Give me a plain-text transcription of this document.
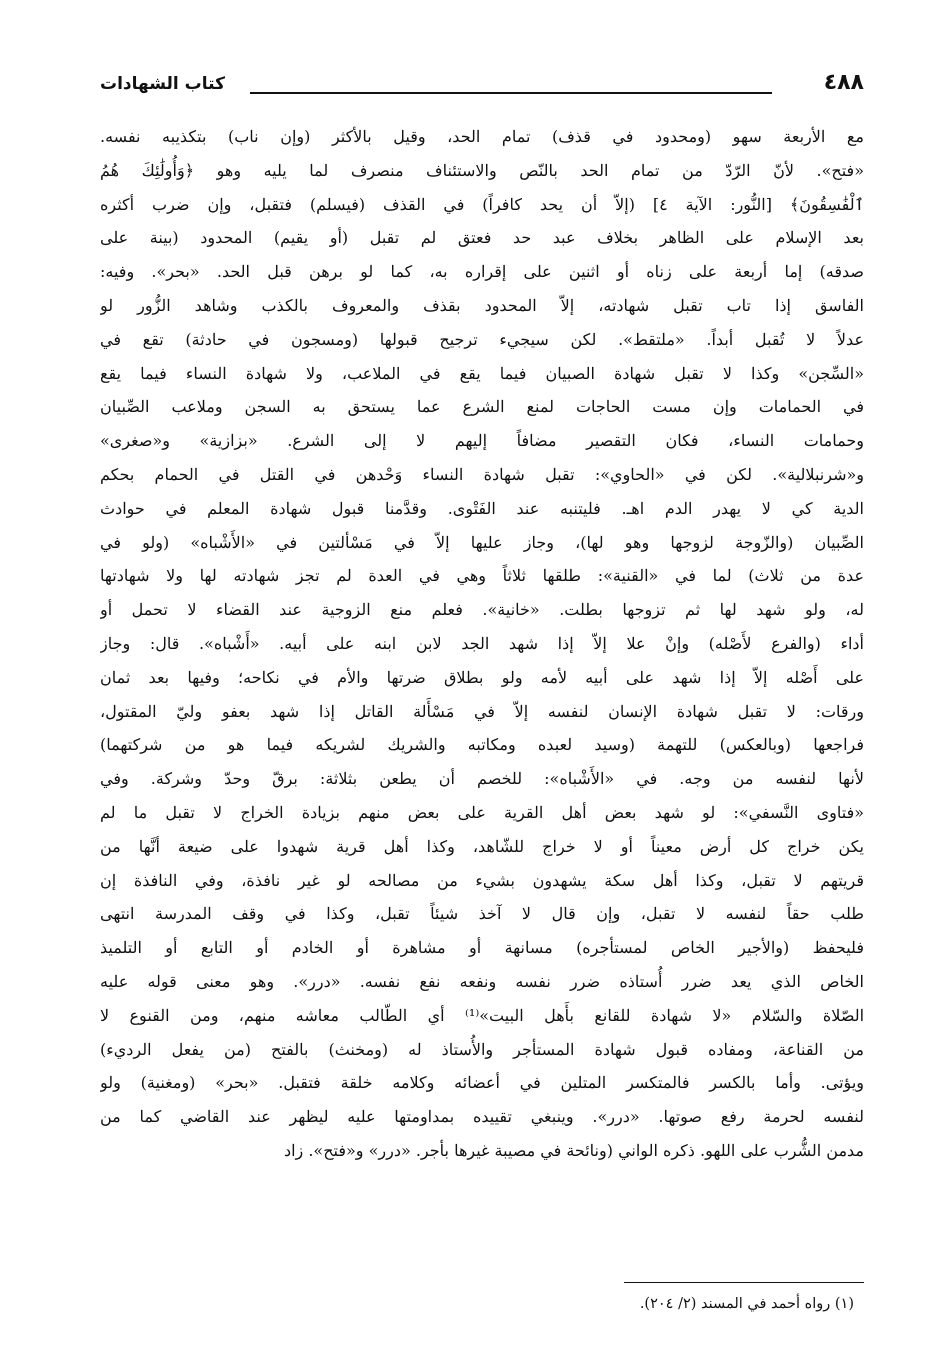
٤٨٨
كتاب الشهادات
مع الأربعة سهو (ومحدود في قذف) تمام الحد، وقيل بالأكثر (وإن ناب) بتكذيبه نفسه.
«فتح». لأنّ الرّدّ من تمام الحد بالنّص والاستئناف منصرف لما يليه وهو ﴿وَأُولَٰئِكَ هُمُ
ٱلْفَٰسِقُونَ﴾ [النُّور: الآية ٤] (إلاّ أن يحد كافراً) في القذف (فيسلم) فتقبل، وإن ضرب أكثره
بعد الإسلام على الظاهر بخلاف عبد حد فعتق لم تقبل (أو يقيم) المحدود (بينة على
صدقه) إما أربعة على زناه أو اثنين على إقراره به، كما لو برهن قبل الحد. «بحر». وفيه:
الفاسق إذا تاب تقبل شهادته، إلاّ المحدود بقذف والمعروف بالكذب وشاهد الزُّور لو
عدلاً لا تُقبل أبداً. «ملتقط». لكن سيجيء ترجيح قبولها (ومسجون في حادثة) تقع في
«السِّجن» وكذا لا تقبل شهادة الصبيان فيما يقع في الملاعب، ولا شهادة النساء فيما يقع
في الحمامات وإن مست الحاجات لمنع الشرع عما يستحق به السجن وملاعب الصِّبيان
وحمامات النساء، فكان التقصير مضافاً إليهم لا إلى الشرع. «بزازية» و«صغرى»
و«شرنبلالية». لكن في «الحاوي»: تقبل شهادة النساء وَحْدهن في القتل في الحمام بحكم
الدية كي لا يهدر الدم اهـ. فليتنبه عند الفَتْوى. وقدَّمنا قبول شهادة المعلم في حوادث
الصِّبيان (والزّوجة لزوجها وهو لها)، وجاز عليها إلاّ في مَسْألتين في «الأَشْباه» (ولو في
عدة من ثلاث) لما في «القنية»: طلقها ثلاثاً وهي في العدة لم تجز شهادته لها ولا شهادتها
له، ولو شهد لها ثم تزوجها بطلت. «خانية». فعلم منع الزوجية عند القضاء لا تحمل أو
أداء (والفرع لأَصْله) وإنْ علا إلاّ إذا شهد الجد لابن ابنه على أبيه. «أَشْباه». قال: وجاز
على أَصْله إلاّ إذا شهد على أبيه لأمه ولو بطلاق ضرتها والأم في نكاحه؛ وفيها بعد ثمان
ورقات: لا تقبل شهادة الإنسان لنفسه إلاّ في مَسْأَلة القاتل إذا شهد بعفو وليّ المقتول،
فراجعها (وبالعكس) للتهمة (وسيد لعبده ومكاتبه والشريك لشريكه فيما هو من شركتهما)
لأنها لنفسه من وجه. في «الأَشْباه»: للخصم أن يطعن بثلاثة: برقّ وحدّ وشركة. وفي
«فتاوى النَّسفي»: لو شهد بعض أهل القرية على بعض منهم بزيادة الخراج لا تقبل ما لم
يكن خراج كل أرض معيناً أو لا خراج للشّاهد، وكذا أهل قرية شهدوا على ضيعة أنَّها من
قريتهم لا تقبل، وكذا أهل سكة يشهدون بشيء من مصالحه لو غير نافذة، وفي النافذة إن
طلب حقاً لنفسه لا تقبل، وإن قال لا آخذ شيئاً تقبل، وكذا في وقف المدرسة انتهى
فليحفظ (والأجير الخاص لمستأجره) مسانهة أو مشاهرة أو الخادم أو التابع أو التلميذ
الخاص الذي يعد ضرر أُستاذه ضرر نفسه ونفعه نفع نفسه. «درر». وهو معنى قوله عليه
الصّلاة والسّلام «لا شهادة للقانع بأَهل البيت»⁽¹⁾ أي الطّالب معاشه منهم، ومن القنوع لا
من القناعة، ومفاده قبول شهادة المستأجر والأُستاذ له (ومخنث) بالفتح (من يفعل الرديء)
ويؤتى. وأما بالكسر فالمتكسر المتلين في أعضائه وكلامه خلقة فتقبل. «بحر» (ومغنية) ولو
لنفسه لحرمة رفع صوتها. «درر». وينبغي تقييده بمداومتها عليه ليظهر عند القاضي كما من
مدمن الشُّرب على اللهو. ذكره الواني (ونائحة في مصيبة غيرها بأجر. «درر» و«فتح». زاد
(١) رواه أحمد في المسند (٢/ ٢٠٤).
